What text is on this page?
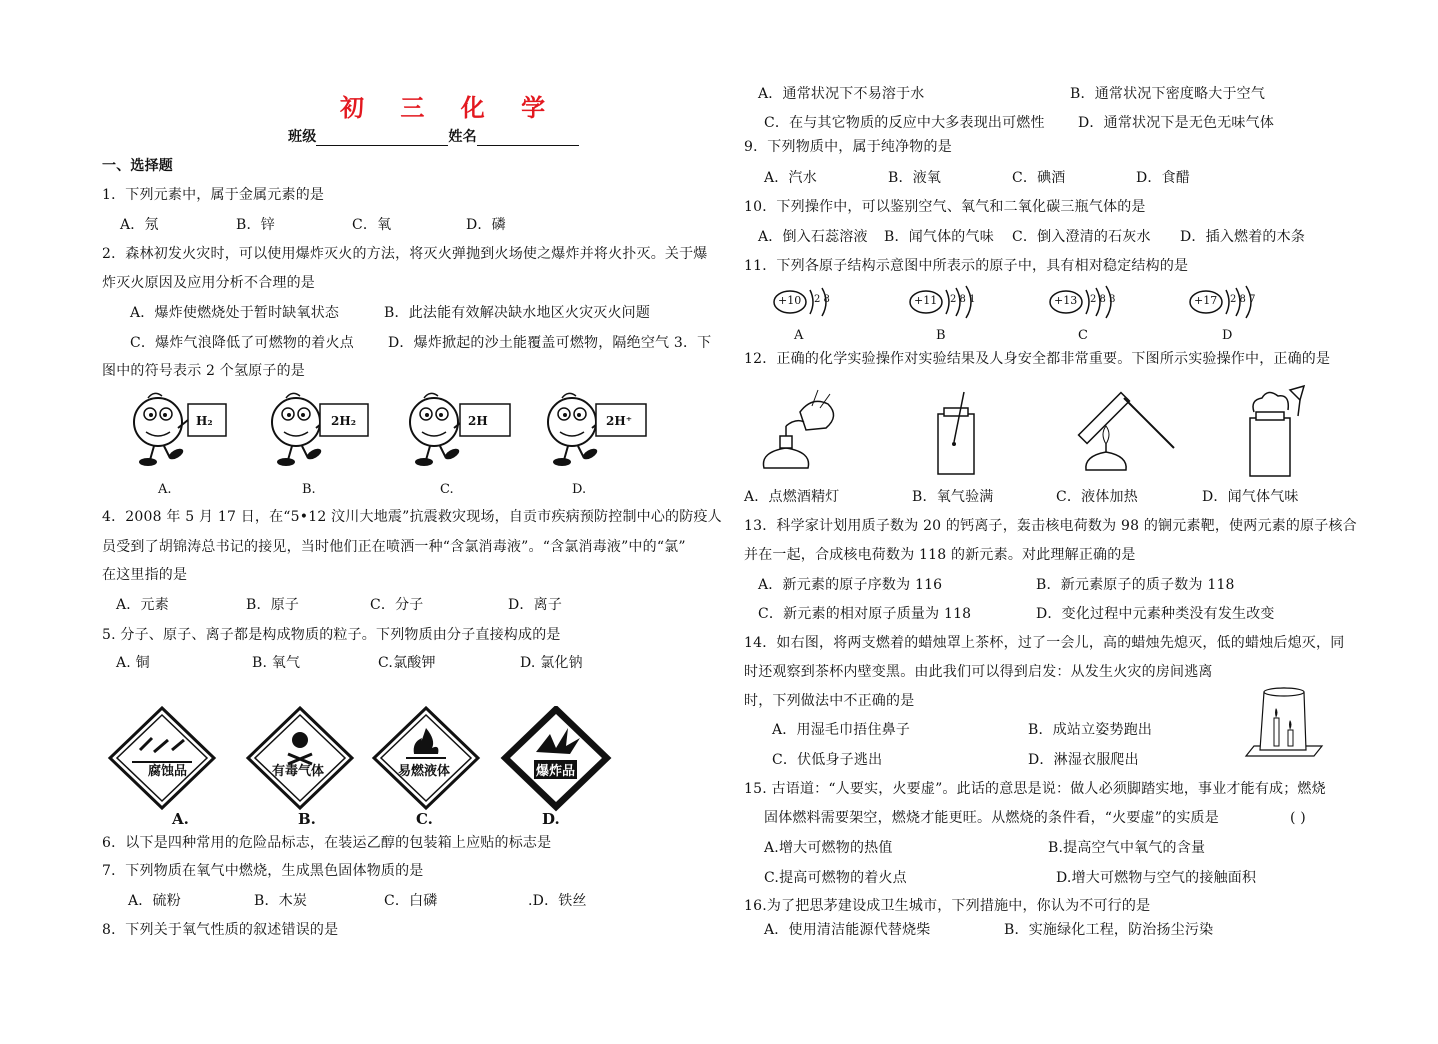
初 三 化 学
班级	姓名
一、选择题
1．下列元素中，属于金属元素的是
A．氖	B．锌	C．氧	D．磷
2．森林初发火灾时，可以使用爆炸灭火的方法，将灭火弹抛到火场使之爆炸并将火扑灭。关于爆
炸灭火原因及应用分析不合理的是
A．爆炸使燃烧处于暂时缺氧状态	B．此法能有效解决缺水地区火灾灭火问题
C．爆炸气浪降低了可燃物的着火点 D．爆炸掀起的沙土能覆盖可燃物，隔绝空气 3．下
图中的符号表示 2 个氢原子的是
H₂	2H₂	2H	2H⁺
A.	B.	C.	D.
4．2008 年 5 月 17 日，在“5•12 汶川大地震”抗震救灾现场，自贡市疾病预防控制中心的防疫人
员受到了胡锦涛总书记的接见，当时他们正在喷洒一种“含氯消毒液”。“含氯消毒液”中的“氯”
在这里指的是
A．元素	B．原子	C．分子	D．离子
5. 分子、原子、离子都是构成物质的粒子。下列物质由分子直接构成的是
A. 铜	B. 氧气	C.氯酸钾	D. 氯化钠
腐蚀品	有毒气体	易燃液体	爆炸品
A.	B.	C.	D.
6．以下是四种常用的危险品标志，在装运乙醇的包装箱上应贴的标志是
7．下列物质在氧气中燃烧，生成黑色固体物质的是
A．硫粉	B．木炭	C．白磷	.D．铁丝
8．下列关于氧气性质的叙述错误的是
A．通常状况下不易溶于水	B．通常状况下密度略大于空气
C．在与其它物质的反应中大多表现出可燃性 D．通常状况下是无色无味气体
9．下列物质中，属于纯净物的是
A．汽水	B．液氧	C．碘酒	D．食醋
10．下列操作中，可以鉴别空气、氧气和二氧化碳三瓶气体的是
A．倒入石蕊溶液 B．闻气体的气味 C．倒入澄清的石灰水 D．插入燃着的木条
11．下列各原子结构示意图中所表示的原子中，具有相对稳定结构的是
+10 2 8	+11 2 8 1	+13 2 8 3	+17 2 8 7
A	B	C	D
12．正确的化学实验操作对实验结果及人身安全都非常重要。下图所示实验操作中，正确的是
A．点燃酒精灯	B．氧气验满	C．液体加热	D．闻气体气味
13．科学家计划用质子数为 20 的钙离子，轰击核电荷数为 98 的锎元素靶，使两元素的原子核合
并在一起，合成核电荷数为 118 的新元素。对此理解正确的是
A．新元素的原子序数为 116	B．新元素原子的质子数为 118
C．新元素的相对原子质量为 118	D．变化过程中元素种类没有发生改变
14．如右图，将两支燃着的蜡烛罩上茶杯，过了一会儿，高的蜡烛先熄灭，低的蜡烛后熄灭，同
时还观察到茶杯内壁变黑。由此我们可以得到启发：从发生火灾的房间逃离
时，下列做法中不正确的是
A．用湿毛巾捂住鼻子	B．成站立姿势跑出
C．伏低身子逃出	D．淋湿衣服爬出
15. 古语道：“人要实，火要虚”。此话的意思是说：做人必须脚踏实地，事业才能有成；燃烧
固体燃料需要架空，燃烧才能更旺。从燃烧的条件看，“火要虚”的实质是	( )
A.增大可燃物的热值	B.提高空气中氧气的含量
C.提高可燃物的着火点	D.增大可燃物与空气的接触面积
16.为了把思茅建设成卫生城市，下列措施中，你认为不可行的是
A．使用清洁能源代替烧柴	B．实施绿化工程，防治扬尘污染
